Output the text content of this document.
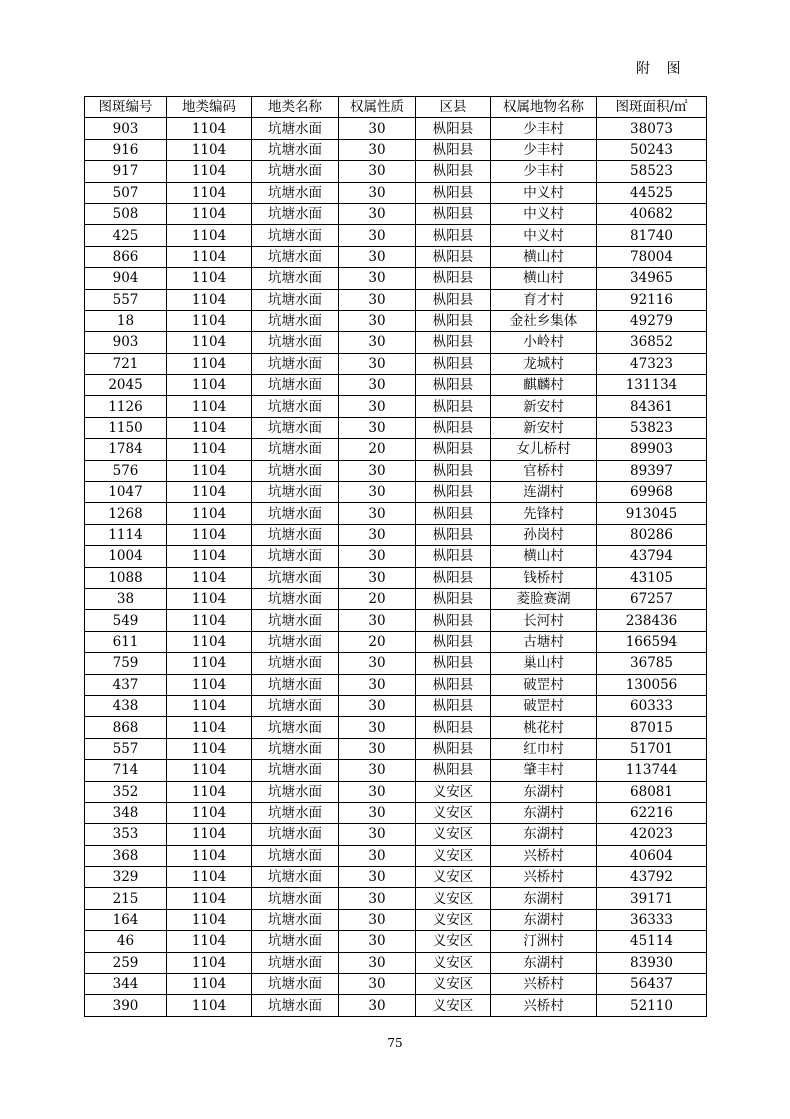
附 图
图斑编号	地类编码	地类名称	权属性质	区县	权属地物名称	图斑面积/㎡
903	1104	坑塘水面	30	枞阳县	少丰村	38073
916	1104	坑塘水面	30	枞阳县	少丰村	50243
917	1104	坑塘水面	30	枞阳县	少丰村	58523
507	1104	坑塘水面	30	枞阳县	中义村	44525
508	1104	坑塘水面	30	枞阳县	中义村	40682
425	1104	坑塘水面	30	枞阳县	中义村	81740
866	1104	坑塘水面	30	枞阳县	横山村	78004
904	1104	坑塘水面	30	枞阳县	横山村	34965
557	1104	坑塘水面	30	枞阳县	育才村	92116
18	1104	坑塘水面	30	枞阳县	金社乡集体	49279
903	1104	坑塘水面	30	枞阳县	小岭村	36852
721	1104	坑塘水面	30	枞阳县	龙城村	47323
2045	1104	坑塘水面	30	枞阳县	麒麟村	131134
1126	1104	坑塘水面	30	枞阳县	新安村	84361
1150	1104	坑塘水面	30	枞阳县	新安村	53823
1784	1104	坑塘水面	20	枞阳县	女儿桥村	89903
576	1104	坑塘水面	30	枞阳县	官桥村	89397
1047	1104	坑塘水面	30	枞阳县	连湖村	69968
1268	1104	坑塘水面	30	枞阳县	先锋村	913045
1114	1104	坑塘水面	30	枞阳县	孙岗村	80286
1004	1104	坑塘水面	30	枞阳县	横山村	43794
1088	1104	坑塘水面	30	枞阳县	钱桥村	43105
38	1104	坑塘水面	20	枞阳县	菱脸赛湖	67257
549	1104	坑塘水面	30	枞阳县	长河村	238436
611	1104	坑塘水面	20	枞阳县	古塘村	166594
759	1104	坑塘水面	30	枞阳县	巢山村	36785
437	1104	坑塘水面	30	枞阳县	破罡村	130056
438	1104	坑塘水面	30	枞阳县	破罡村	60333
868	1104	坑塘水面	30	枞阳县	桃花村	87015
557	1104	坑塘水面	30	枞阳县	红巾村	51701
714	1104	坑塘水面	30	枞阳县	肇丰村	113744
352	1104	坑塘水面	30	义安区	东湖村	68081
348	1104	坑塘水面	30	义安区	东湖村	62216
353	1104	坑塘水面	30	义安区	东湖村	42023
368	1104	坑塘水面	30	义安区	兴桥村	40604
329	1104	坑塘水面	30	义安区	兴桥村	43792
215	1104	坑塘水面	30	义安区	东湖村	39171
164	1104	坑塘水面	30	义安区	东湖村	36333
46	1104	坑塘水面	30	义安区	汀洲村	45114
259	1104	坑塘水面	30	义安区	东湖村	83930
344	1104	坑塘水面	30	义安区	兴桥村	56437
390	1104	坑塘水面	30	义安区	兴桥村	52110
75
